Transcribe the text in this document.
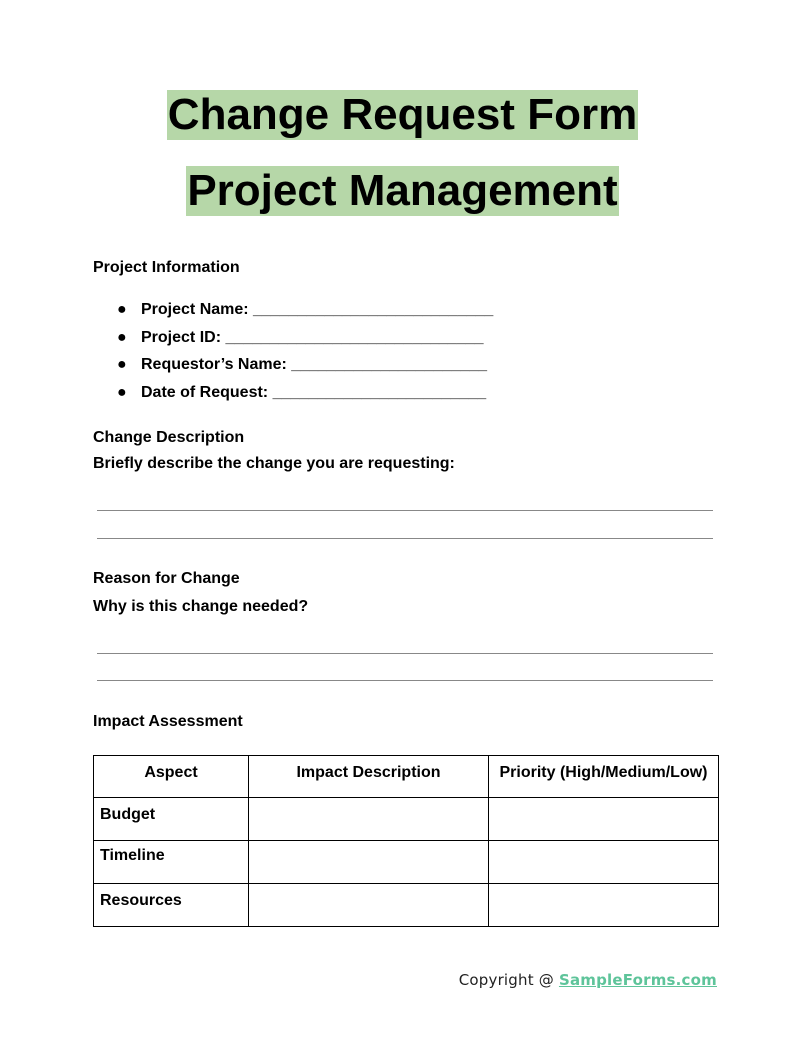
Change Request Form
Project Management
Project Information
● Project Name: ___________________________
● Project ID: _____________________________
● Requestor’s Name: ______________________
● Date of Request: ________________________
Change Description
Briefly describe the change you are requesting:
Reason for Change
Why is this change needed?
Impact Assessment
Aspect	Impact Description	Priority (High/Medium/Low)
Budget		
Timeline		
Resources		
Copyright @ SampleForms.com
